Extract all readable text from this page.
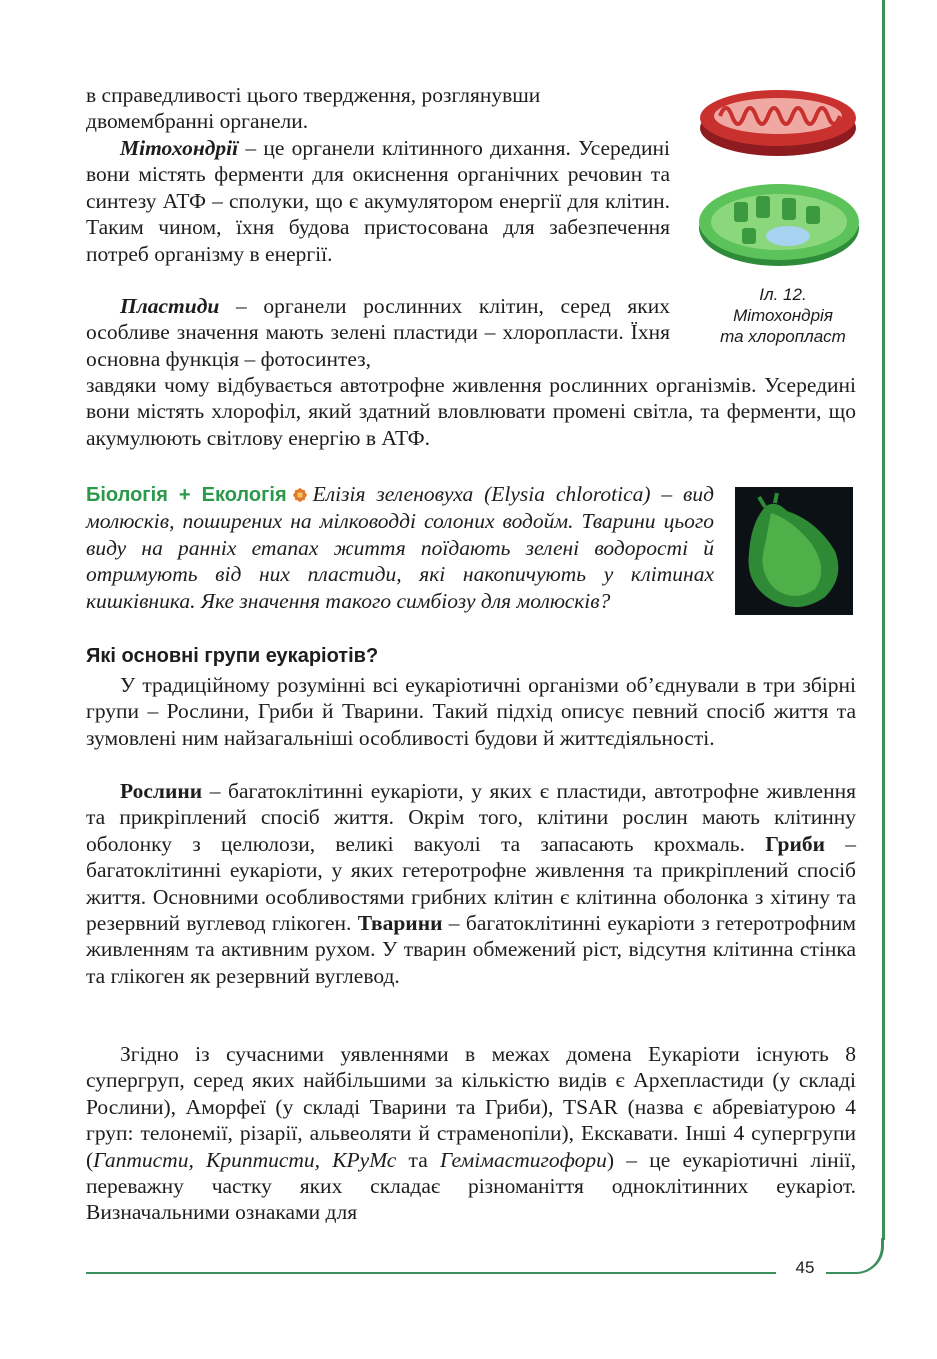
45

в справедливості цього твердження, розглянувши
двомембранні органели.

Мітохондрії – це органели клітинного дихання. Усередині вони містять ферменти для окиснення органічних речовин та синтезу АТФ – сполуки, що є акумулятором енергії для клітин. Таким чином, їхня будова пристосована для забезпечення потреб організму в енергії.

Пластиди – органели рослинних клітин, серед яких особливе значення мають зелені пластиди – хлоропласти. Їхня основна функція – фотосинтез,

завдяки чому відбувається автотрофне живлення рослинних організмів. Усередині вони містять хлорофіл, який здатний вловлювати промені світла, та ферменти, що акумулюють світлову енергію в АТФ.

Іл. 12.
Мітохондрія
та хлоропласт

Біологія + Екологія Елізія зеленовуха (Elysia chlorotica) – вид молюсків, поширених на мілководді солоних водойм. Тварини цього виду на ранніх етапах життя поїдають зелені водорості й отримують від них пластиди, які накопичують у клітинах кишківника. Яке значення такого симбіозу для молюсків?

Які основні групи еукаріотів?

У традиційному розумінні всі еукаріотичні організми об’єднували в три збірні групи – Рослини, Гриби й Тварини. Такий підхід описує певний спосіб життя та зумовлені ним найзагальніші особливості будови й життєдіяльності.

Рослини – багатоклітинні еукаріоти, у яких є пластиди, автотрофне живлення та прикріплений спосіб життя. Окрім того, клітини рослин мають клітинну оболонку з целюлози, великі вакуолі та запасають крохмаль. Гриби – багатоклітинні еукаріоти, у яких гетеротрофне живлення та прикріплений спосіб життя. Основними особливостями грибних клітин є клітинна оболонка з хітину та резервний вуглевод глікоген. Тварини – багатоклітинні еукаріоти з гетеротрофним живленням та активним рухом. У тварин обмежений ріст, відсутня клітинна стінка та глікоген як резервний вуглевод.

Згідно із сучасними уявленнями в межах домена Еукаріоти існують 8 супергруп, серед яких найбільшими за кількістю видів є Архепластиди (у складі Рослини), Аморфеї (у складі Тварини та Гриби), TSAR (назва є абревіатурою 4 груп: телонемії, різарії, альвеоляти й страменопіли), Екскавати. Інші 4 супергрупи (Гаптисти, Криптисти, КРуМс та Гемімастигофори) – це еукаріотичні лінії, переважну частку яких складає різноманіття одноклітинних еукаріот. Визначальними ознаками для
